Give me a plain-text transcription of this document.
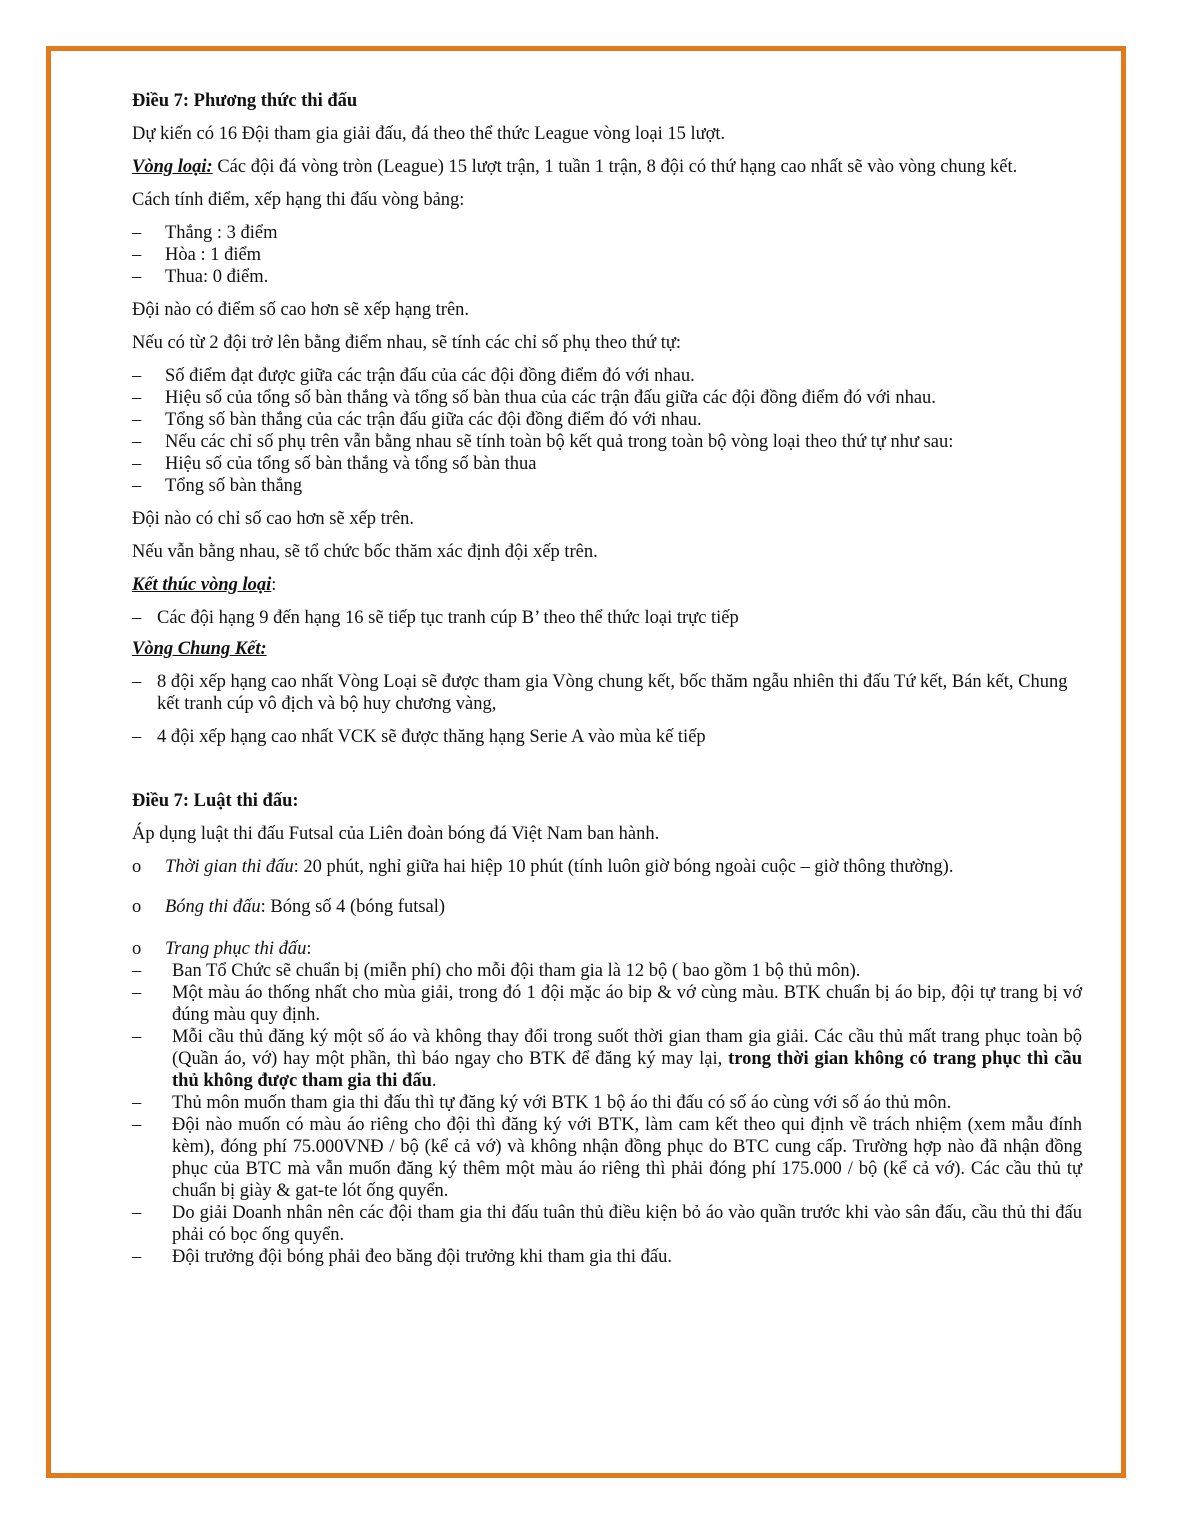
Điều 7: Phương thức thi đấu

Dự kiến có 16 Đội tham gia giải đấu, đá theo thể thức League vòng loại 15 lượt.

Vòng loại: Các đội đá vòng tròn (League) 15 lượt trận, 1 tuần 1 trận, 8 đội có thứ hạng cao nhất sẽ vào vòng chung kết.

Cách tính điểm, xếp hạng thi đấu vòng bảng:

– Thắng : 3 điểm
– Hòa : 1 điểm
– Thua: 0 điểm.

Đội nào có điểm số cao hơn sẽ xếp hạng trên.

Nếu có từ 2 đội trở lên bằng điểm nhau, sẽ tính các chỉ số phụ theo thứ tự:

– Số điểm đạt được giữa các trận đấu của các đội đồng điểm đó với nhau.
– Hiệu số của tổng số bàn thắng và tổng số bàn thua của các trận đấu giữa các đội đồng điểm đó với nhau.
– Tổng số bàn thắng của các trận đấu giữa các đội đồng điểm đó với nhau.
– Nếu các chỉ số phụ trên vẫn bằng nhau sẽ tính toàn bộ kết quả trong toàn bộ vòng loại theo thứ tự như sau:
– Hiệu số của tổng số bàn thắng và tổng số bàn thua
– Tổng số bàn thắng

Đội nào có chỉ số cao hơn sẽ xếp trên.

Nếu vẫn bằng nhau, sẽ tổ chức bốc thăm xác định đội xếp trên.

Kết thúc vòng loại:

– Các đội hạng 9 đến hạng 16 sẽ tiếp tục tranh cúp B’ theo thể thức loại trực tiếp

Vòng Chung Kết:

– 8 đội xếp hạng cao nhất Vòng Loại sẽ được tham gia Vòng chung kết, bốc thăm ngẫu nhiên thi đấu Tứ kết, Bán kết, Chung kết tranh cúp vô địch và bộ huy chương vàng,
– 4 đội xếp hạng cao nhất VCK sẽ được thăng hạng Serie A vào mùa kế tiếp

Điều 7: Luật thi đấu:

Áp dụng luật thi đấu Futsal của Liên đoàn bóng đá Việt Nam ban hành.

o Thời gian thi đấu: 20 phút, nghỉ giữa hai hiệp 10 phút (tính luôn giờ bóng ngoài cuộc – giờ thông thường).

o Bóng thi đấu: Bóng số 4 (bóng futsal)

o Trang phục thi đấu:

– Ban Tổ Chức sẽ chuẩn bị (miễn phí) cho mỗi đội tham gia là 12 bộ ( bao gồm 1 bộ thủ môn).
– Một màu áo thống nhất cho mùa giải, trong đó 1 đội mặc áo bip & vớ cùng màu. BTK chuẩn bị áo bip, đội tự trang bị vớ đúng màu quy định.
– Mỗi cầu thủ đăng ký một số áo và không thay đổi trong suốt thời gian tham gia giải. Các cầu thủ mất trang phục toàn bộ (Quần áo, vớ) hay một phần, thì báo ngay cho BTK để đăng ký may lại, trong thời gian không có trang phục thì cầu thủ không được tham gia thi đấu.
– Thủ môn muốn tham gia thi đấu thì tự đăng ký với BTK 1 bộ áo thi đấu có số áo cùng với số áo thủ môn.
– Đội nào muốn có màu áo riêng cho đội thì đăng ký với BTK, làm cam kết theo qui định về trách nhiệm (xem mẫu đính kèm), đóng phí 75.000VNĐ / bộ (kể cả vớ) và không nhận đồng phục do BTC cung cấp. Trường hợp nào đã nhận đồng phục của BTC mà vẫn muốn đăng ký thêm một màu áo riêng thì phải đóng phí 175.000 / bộ (kể cả vớ). Các cầu thủ tự chuẩn bị giày & gat-te lót ống quyển.
– Do giải Doanh nhân nên các đội tham gia thi đấu tuân thủ điều kiện bỏ áo vào quần trước khi vào sân đấu, cầu thủ thi đấu phải có bọc ống quyển.
– Đội trưởng đội bóng phải đeo băng đội trưởng khi tham gia thi đấu.
